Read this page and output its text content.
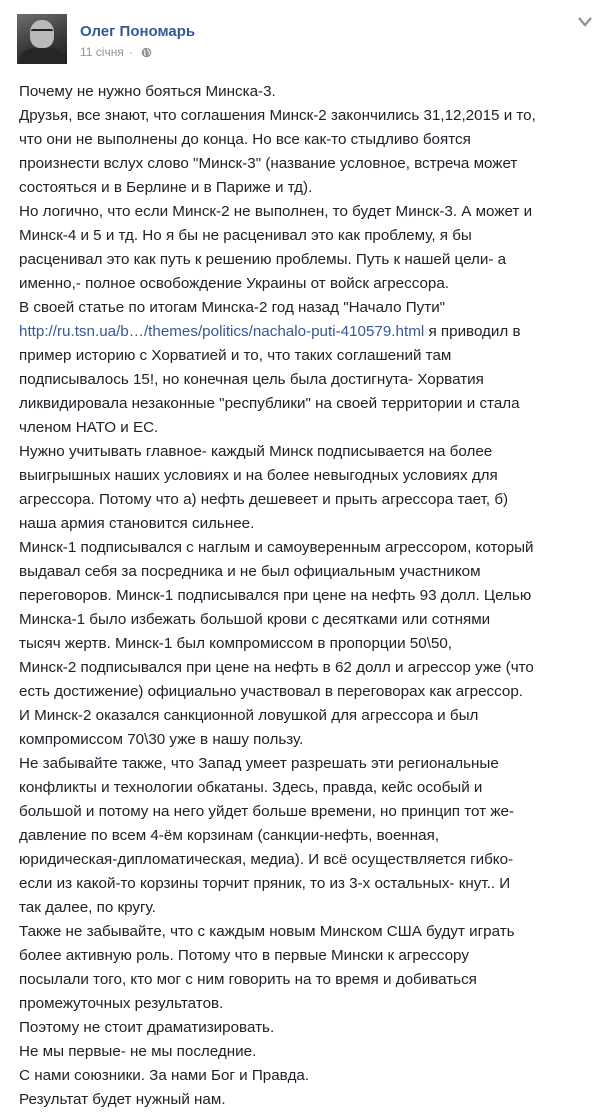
Олег Пономарь
11 січня ·

Почему не нужно бояться Минска-3.

Друзья, все знают, что соглашения Минск-2 закончились 31,12,2015 и то,

что они не выполнены до конца. Но все как-то стыдливо боятся

произнести вслух слово "Минск-3" (название условное, встреча может

состояться и в Берлине и в Париже и тд).

Но логично, что если Минск-2 не выполнен, то будет Минск-3. А может и

Минск-4 и 5 и тд. Но я бы не расценивал это как проблему, я бы

расценивал это как путь к решению проблемы. Путь к нашей цели- а

именно,- полное освобождение Украины от войск агрессора.

В своей статье по итогам Минска-2 год назад "Начало Пути"

http://ru.tsn.ua/b…/themes/politics/nachalo-puti-410579.html я приводил в

пример историю с Хорватией и то, что таких соглашений там

подписывалось 15!, но конечная цель была достигнута- Хорватия

ликвидировала незаконные "республики" на своей территории и стала

членом НАТО и ЕС.

Нужно учитывать главное- каждый Минск подписывается на более

выигрышных наших условиях и на более невыгодных условиях для

агрессора. Потому что а) нефть дешевеет и прыть агрессора тает, б)

наша армия становится сильнее.

Минск-1 подписывался с наглым и самоуверенным агрессором, который

выдавал себя за посредника и не был официальным участником

переговоров. Минск-1 подписывался при цене на нефть 93 долл. Целью

Минска-1 было избежать большой крови с десятками или сотнями

тысяч жертв. Минск-1 был компромиссом в пропорции 50\50,

Минск-2 подписывался при цене на нефть в 62 долл и агрессор уже (что

есть достижение) официально участвовал в переговорах как агрессор.

И Минск-2 оказался санкционной ловушкой для агрессора и был

компромиссом 70\30 уже в нашу пользу.

Не забывайте также, что Запад умеет разрешать эти региональные

конфликты и технологии обкатаны. Здесь, правда, кейс особый и

большой и потому на него уйдет больше времени, но принцип тот же-

давление по всем 4-ём корзинам (санкции-нефть, военная,

юридическая-дипломатическая, медиа). И всё осуществляется гибко-

если из какой-то корзины торчит пряник, то из 3-х остальных- кнут.. И

так далее, по кругу.

Также не забывайте, что с каждым новым Минском США будут играть

более активную роль. Потому что в первые Мински к агрессору

посылали того, кто мог с ним говорить на то время и добиваться

промежуточных результатов.

Поэтому не стоит драматизировать.

Не мы первые- не мы последние.

С нами союзники. За нами Бог и Правда.

Результат будет нужный нам.
